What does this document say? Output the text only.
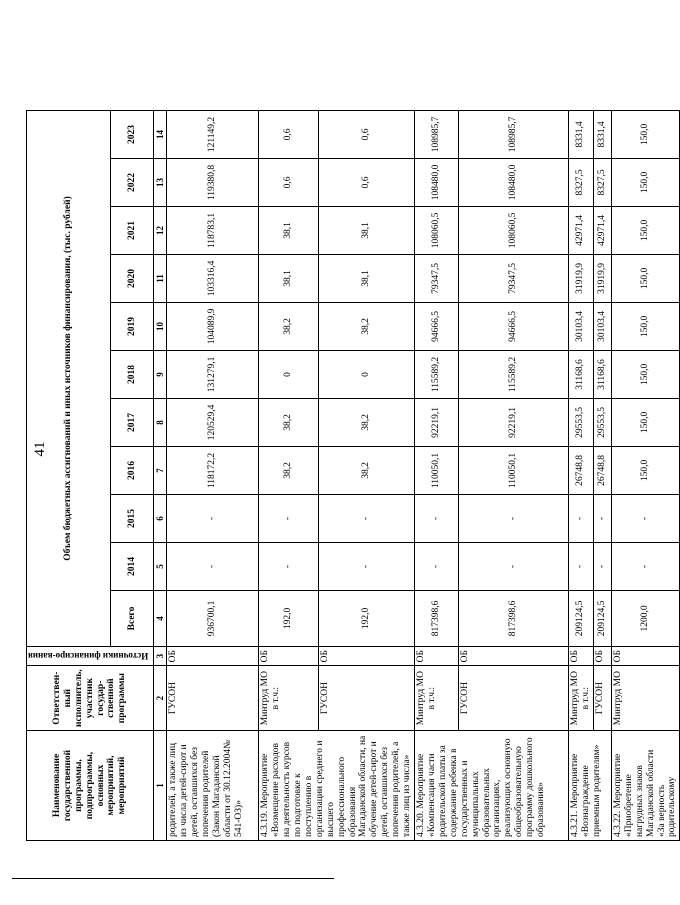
41
Наименование государственной программы, подпрограммы, основных мероприятий, мероприятий	Ответствен-ный исполнитель, участник государ-ственной программы	Источники финансиро-вания	Объем бюджетных ассигнований и иных источников финансирования, (тыс. рублей)										
			Всего	2014	2015	2016	2017	2018	2019	2020	2021	2022	2023
1	2	3	4	5	6	7	8	9	10	11	12	13	14
родителей, а также лиц из числа детей-сирот и детей, оставшихся без попечения родителей (Закон Магаданской области от 30.12.2004№ 541-ОЗ)»	ГУСОН	ОБ	936700,1	-	-	118172,2	120529,4	131279,1	104089,9	103316,4	118783,1	119380,8	121149,2
4.3.19. Мероприятие «Возмещение расходов на деятельность курсов по подготовке к поступлению в организации среднего и высшего профессионального образования Магаданской области, на обучение детей-сирот и детей, оставшихся без попечения родителей, а также лиц из числа»	Минтруд МО в т.ч.:	ОБ	192,0	-	-	38,2	38,2	0	38,2	38,1	38,1	0,6	0,6
	ГУСОН	ОБ	192,0	-	-	38,2	38,2	0	38,2	38,1	38,1	0,6	0,6
4.3.20. Мероприятие «Компенсация части родительской платы за содержание ребенка в государственных и муниципальных образовательных организациях, реализующих основную общеобразовательную программу дошкольного образования»	Минтруд МО в т.ч.:	ОБ	817398,6	-	-	110050,1	92219,1	115589,2	94666,5	79347,5	108060,5	108480,0	108985,7
	ГУСОН	ОБ	817398,6	-	-	110050,1	92219,1	115589,2	94666,5	79347,5	108060,5	108480,0	108985,7
4.3.21. Мероприятие «Вознаграждение приемным родителям»	Минтруд МО в т.ч.:	ОБ	209124,5	-	-	26748,8	29553,5	31168,6	30103,4	31919,9	42971,4	8327,5	8331,4
	ГУСОН	ОБ	209124,5	-	-	26748,8	29553,5	31168,6	30103,4	31919,9	42971,4	8327,5	8331,4
4.3.22. Мероприятие «Приобретение нагрудных знаков Магаданской области «За верность родительскому	Минтруд МО	ОБ	1200,0	-	-	150,0	150,0	150,0	150,0	150,0	150,0	150,0	150,0
